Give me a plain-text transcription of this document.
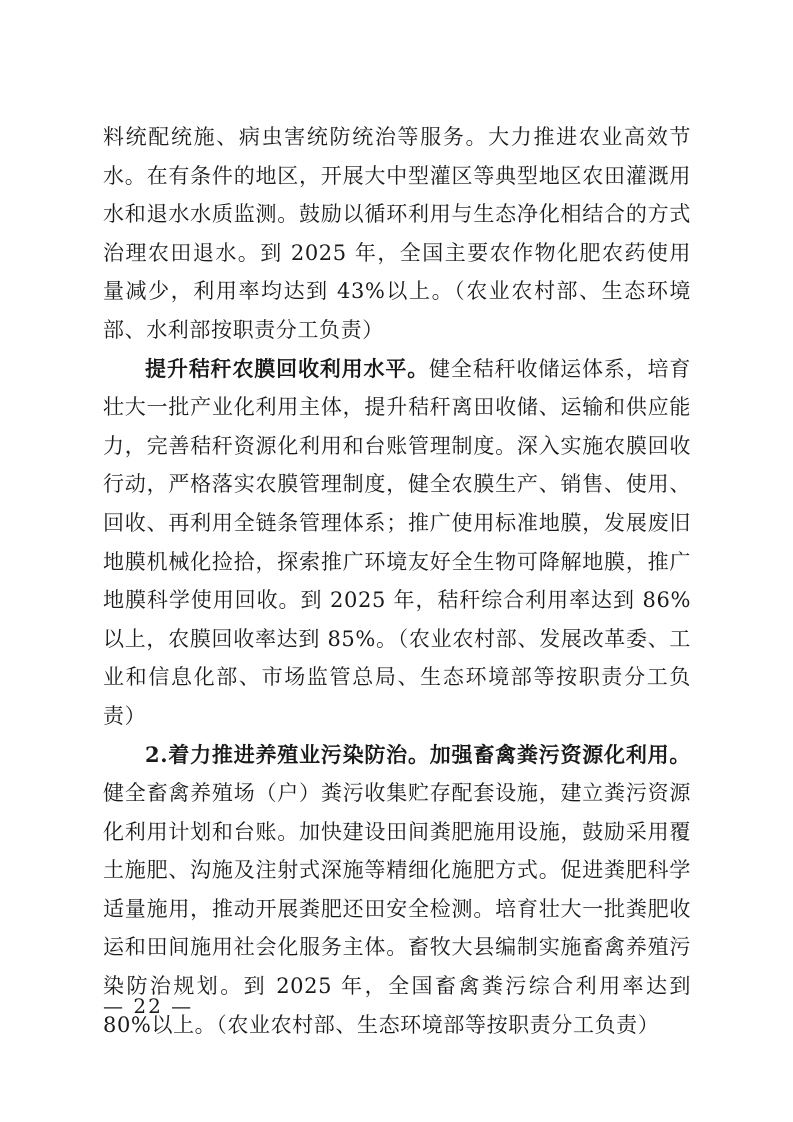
料统配统施、病虫害统防统治等服务。大力推进农业高效节水。在有条件的地区，开展大中型灌区等典型地区农田灌溉用水和退水水质监测。鼓励以循环利用与生态净化相结合的方式治理农田退水。到 2025 年，全国主要农作物化肥农药使用量减少，利用率均达到 43%以上。（农业农村部、生态环境部、水利部按职责分工负责）

提升秸秆农膜回收利用水平。健全秸秆收储运体系，培育壮大一批产业化利用主体，提升秸秆离田收储、运输和供应能力，完善秸秆资源化利用和台账管理制度。深入实施农膜回收行动，严格落实农膜管理制度，健全农膜生产、销售、使用、回收、再利用全链条管理体系；推广使用标准地膜，发展废旧地膜机械化捡拾，探索推广环境友好全生物可降解地膜，推广地膜科学使用回收。到 2025 年，秸秆综合利用率达到 86%以上，农膜回收率达到 85%。（农业农村部、发展改革委、工业和信息化部、市场监管总局、生态环境部等按职责分工负责）

2.着力推进养殖业污染防治。加强畜禽粪污资源化利用。健全畜禽养殖场（户）粪污收集贮存配套设施，建立粪污资源化利用计划和台账。加快建设田间粪肥施用设施，鼓励采用覆土施肥、沟施及注射式深施等精细化施肥方式。促进粪肥科学适量施用，推动开展粪肥还田安全检测。培育壮大一批粪肥收运和田间施用社会化服务主体。畜牧大县编制实施畜禽养殖污染防治规划。到 2025 年，全国畜禽粪污综合利用率达到 80%以上。（农业农村部、生态环境部等按职责分工负责）

— 22 —
